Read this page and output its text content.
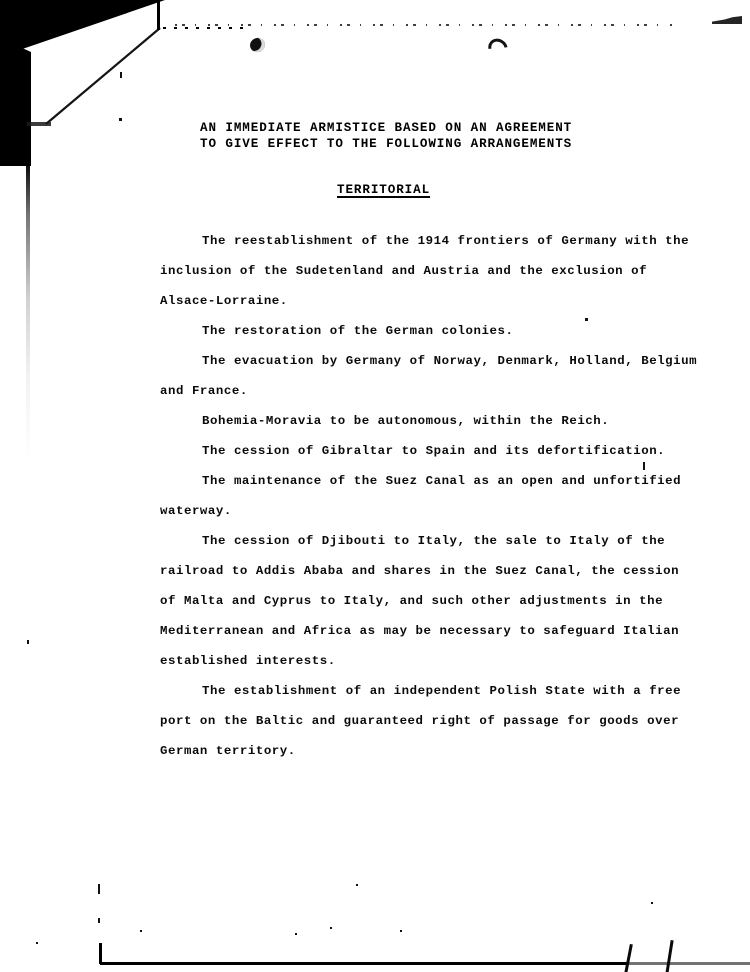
AN IMMEDIATE ARMISTICE BASED ON AN AGREEMENT
TO GIVE EFFECT TO THE FOLLOWING ARRANGEMENTS
TERRITORIAL

The reestablishment of the 1914 frontiers of Germany with the inclusion of the Sudetenland and Austria and the exclusion of Alsace-Lorraine.

The restoration of the German colonies.

The evacuation by Germany of Norway, Denmark, Holland, Belgium and France.

Bohemia-Moravia to be autonomous, within the Reich.

The cession of Gibraltar to Spain and its defortification.

The maintenance of the Suez Canal as an open and unfortified waterway.

The cession of Djibouti to Italy, the sale to Italy of the railroad to Addis Ababa and shares in the Suez Canal, the cession of Malta and Cyprus to Italy, and such other adjustments in the Mediterranean and Africa as may be necessary to safeguard Italian established interests.

The establishment of an independent Polish State with a free port on the Baltic and guaranteed right of passage for goods over German territory.
